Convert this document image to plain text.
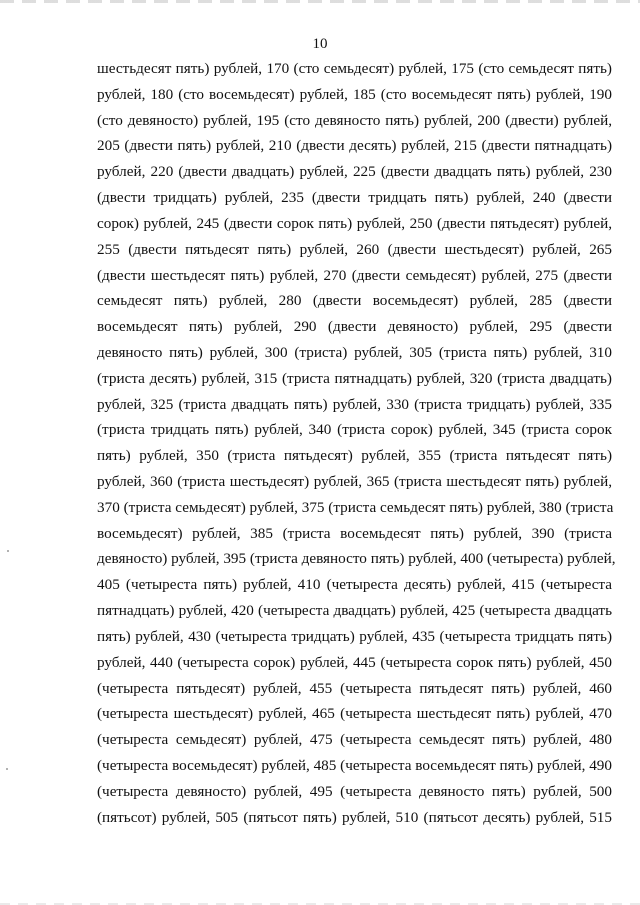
10
шестьдесят пять) рублей, 170 (сто семьдесят) рублей, 175 (сто семьдесят пять)
рублей, 180 (сто восемьдесят) рублей, 185 (сто восемьдесят пять) рублей, 190
(сто девяносто) рублей, 195 (сто девяносто пять) рублей, 200 (двести) рублей,
205 (двести пять) рублей, 210 (двести десять) рублей, 215 (двести пятнадцать)
рублей, 220 (двести двадцать) рублей, 225 (двести двадцать пять) рублей, 230
(двести тридцать) рублей, 235 (двести тридцать пять) рублей, 240 (двести
сорок) рублей, 245 (двести сорок пять) рублей, 250 (двести пятьдесят) рублей,
255 (двести пятьдесят пять) рублей, 260 (двести шестьдесят) рублей, 265
(двести шестьдесят пять) рублей, 270 (двести семьдесят) рублей, 275 (двести
семьдесят пять) рублей, 280 (двести восемьдесят) рублей, 285 (двести
восемьдесят пять) рублей, 290 (двести девяносто) рублей, 295 (двести
девяносто пять) рублей, 300 (триста) рублей, 305 (триста пять) рублей, 310
(триста десять) рублей, 315 (триста пятнадцать) рублей, 320 (триста двадцать)
рублей, 325 (триста двадцать пять) рублей, 330 (триста тридцать) рублей, 335
(триста тридцать пять) рублей, 340 (триста сорок) рублей, 345 (триста сорок
пять) рублей, 350 (триста пятьдесят) рублей, 355 (триста пятьдесят пять)
рублей, 360 (триста шестьдесят) рублей, 365 (триста шестьдесят пять) рублей,
370 (триста семьдесят) рублей, 375 (триста семьдесят пять) рублей, 380 (триста
восемьдесят) рублей, 385 (триста восемьдесят пять) рублей, 390 (триста
девяносто) рублей, 395 (триста девяносто пять) рублей, 400 (четыреста) рублей,
405 (четыреста пять) рублей, 410 (четыреста десять) рублей, 415 (четыреста
пятнадцать) рублей, 420 (четыреста двадцать) рублей, 425 (четыреста двадцать
пять) рублей, 430 (четыреста тридцать) рублей, 435 (четыреста тридцать пять)
рублей, 440 (четыреста сорок) рублей, 445 (четыреста сорок пять) рублей, 450
(четыреста пятьдесят) рублей, 455 (четыреста пятьдесят пять) рублей, 460
(четыреста шестьдесят) рублей, 465 (четыреста шестьдесят пять) рублей, 470
(четыреста семьдесят) рублей, 475 (четыреста семьдесят пять) рублей, 480
(четыреста восемьдесят) рублей, 485 (четыреста восемьдесят пять) рублей, 490
(четыреста девяносто) рублей, 495 (четыреста девяносто пять) рублей, 500
(пятьсот) рублей, 505 (пятьсот пять) рублей, 510 (пятьсот десять) рублей, 515
